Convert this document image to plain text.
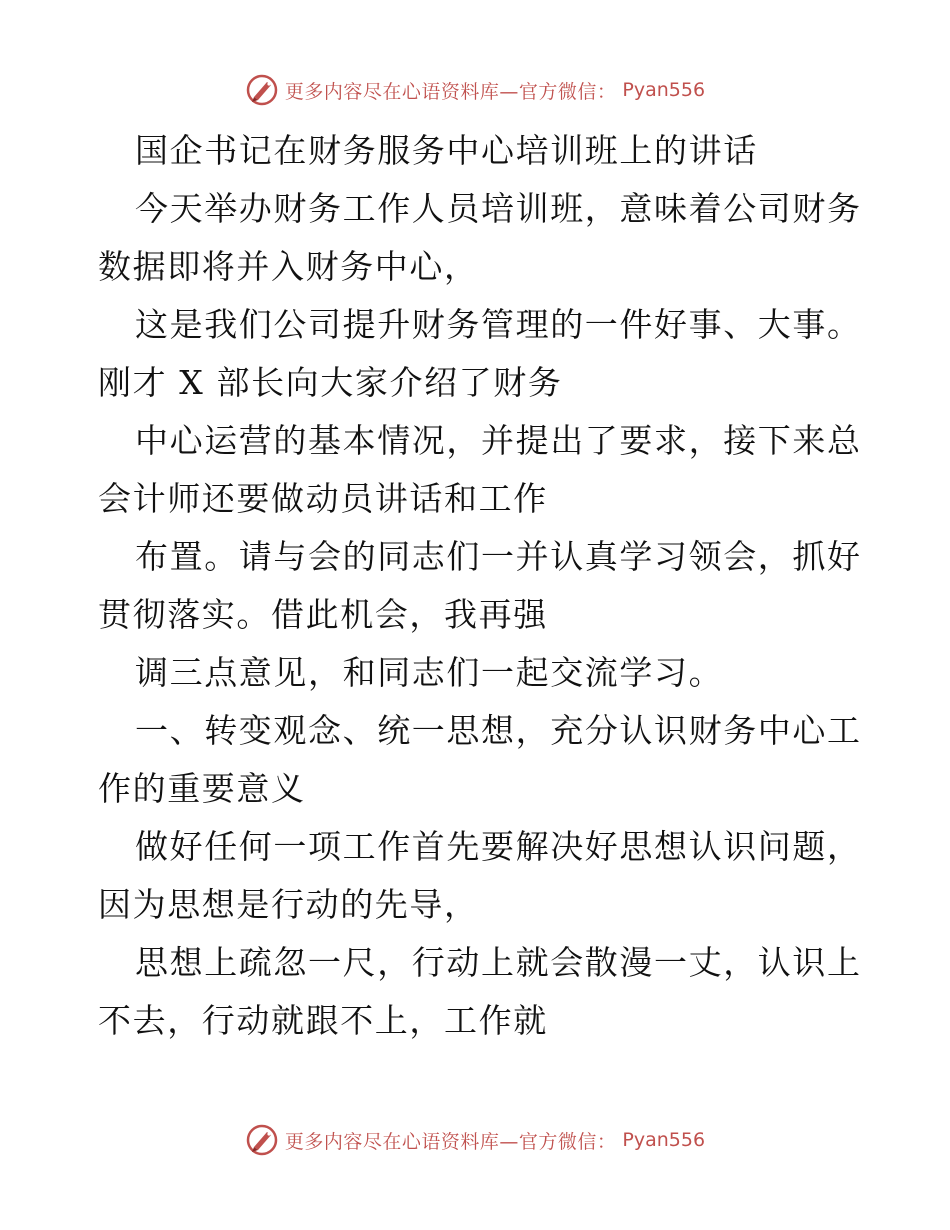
更多内容尽在心语资料库—官方微信： Pyan556
国企书记在财务服务中心培训班上的讲话
今天举办财务工作人员培训班，意味着公司财务
数据即将并入财务中心，
这是我们公司提升财务管理的一件好事、大事。
刚才 X 部长向大家介绍了财务
中心运营的基本情况，并提出了要求，接下来总
会计师还要做动员讲话和工作
布置。请与会的同志们一并认真学习领会，抓好
贯彻落实。借此机会，我再强
调三点意见，和同志们一起交流学习。
一、转变观念、统一思想，充分认识财务中心工
作的重要意义
做好任何一项工作首先要解决好思想认识问题，
因为思想是行动的先导，
思想上疏忽一尺，行动上就会散漫一丈，认识上
不去，行动就跟不上，工作就
更多内容尽在心语资料库—官方微信： Pyan556
